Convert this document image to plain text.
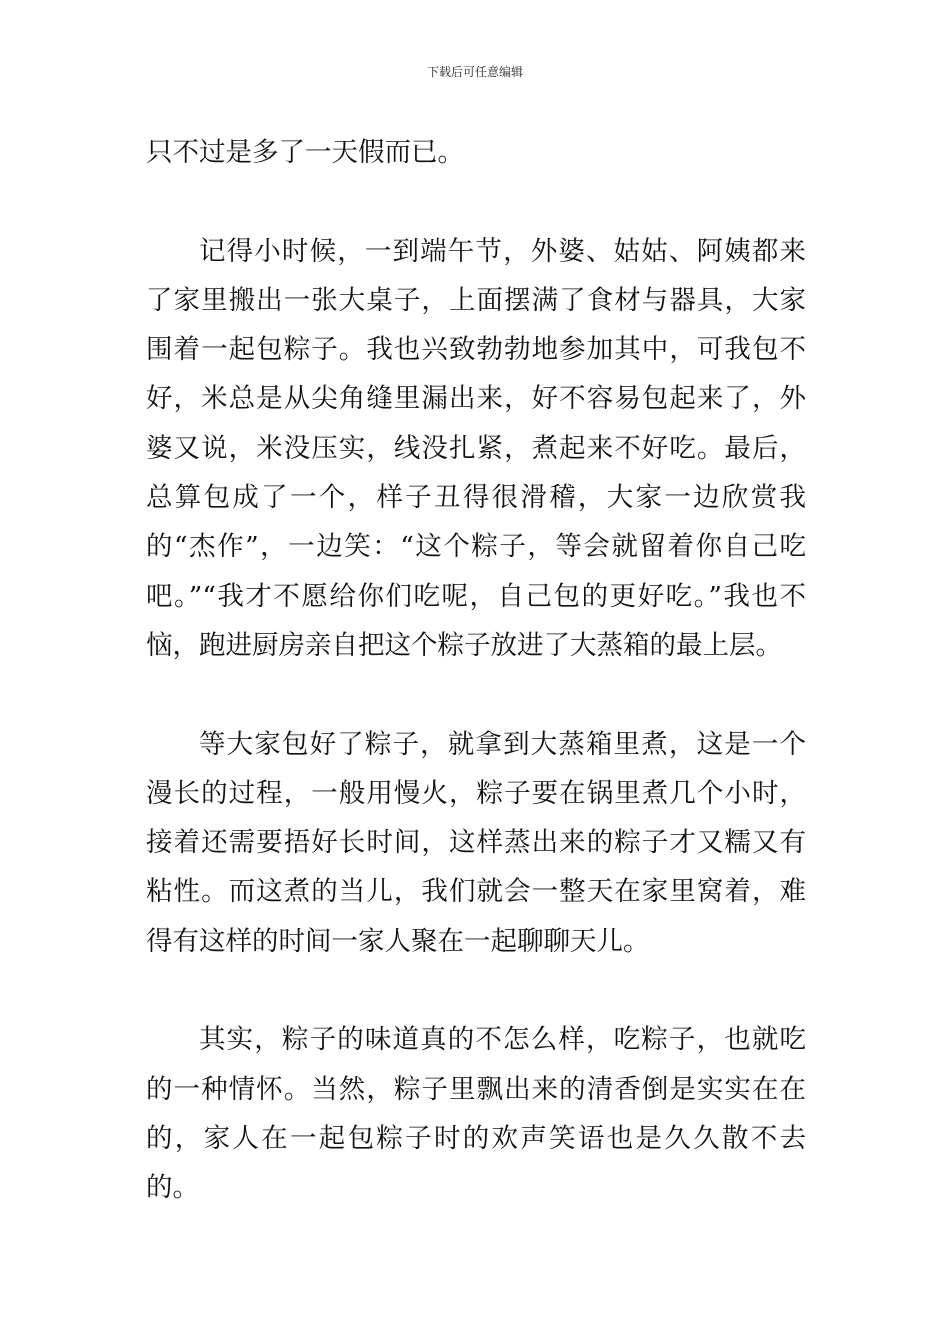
下载后可任意编辑

只不过是多了一天假而已。

记得小时候，一到端午节，外婆、姑姑、阿姨都来了家里搬出一张大桌子，上面摆满了食材与器具，大家围着一起包粽子。我也兴致勃勃地参加其中，可我包不好，米总是从尖角缝里漏出来，好不容易包起来了，外婆又说，米没压实，线没扎紧，煮起来不好吃。最后，总算包成了一个，样子丑得很滑稽，大家一边欣赏我的“杰作”，一边笑：“这个粽子，等会就留着你自己吃吧。”“我才不愿给你们吃呢，自己包的更好吃。”我也不恼，跑进厨房亲自把这个粽子放进了大蒸箱的最上层。

等大家包好了粽子，就拿到大蒸箱里煮，这是一个漫长的过程，一般用慢火，粽子要在锅里煮几个小时，接着还需要捂好长时间，这样蒸出来的粽子才又糯又有粘性。而这煮的当儿，我们就会一整天在家里窝着，难得有这样的时间一家人聚在一起聊聊天儿。

其实，粽子的味道真的不怎么样，吃粽子，也就吃的一种情怀。当然，粽子里飘出来的清香倒是实实在在的，家人在一起包粽子时的欢声笑语也是久久散不去的。
